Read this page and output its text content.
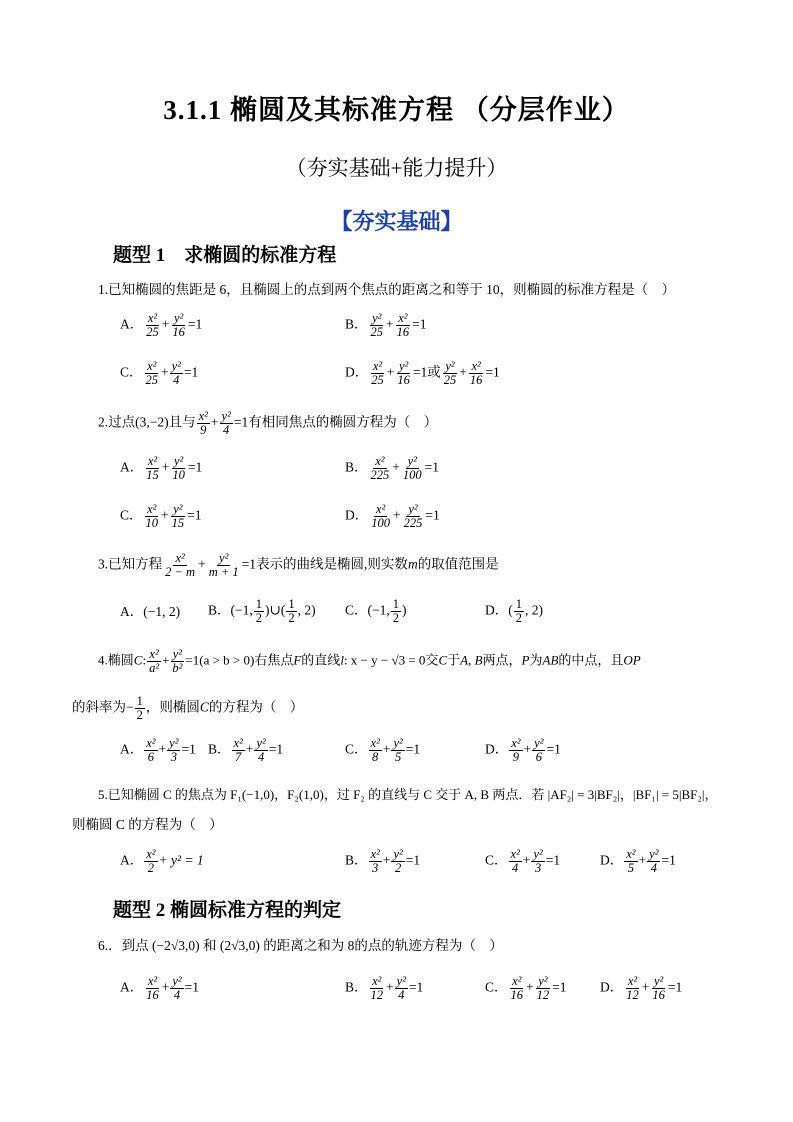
3.1.1 椭圆及其标准方程 （分层作业）
（夯实基础+能力提升）
【夯实基础】
题型 1　求椭圆的标准方程
1.已知椭圆的焦距是 6，且椭圆上的点到两个焦点的距离之和等于 10，则椭圆的标准方程是（　）
A． $\frac{\text{x²}}{25} + \frac{\text{y²}}{16} =1$	B． $\frac{\text{y²}}{25} + \frac{\text{x²}}{16} =1$
C． $\frac{\text{x²}}{25} + \frac{\text{y²}}{4} =1$	D． $\frac{\text{x²}}{25} + \frac{\text{y²}}{16} =1$或 $\frac{\text{y²}}{25} + \frac{\text{x²}}{16} =1$
2.过点(3,−2)且与 $\frac{\text{x²}}{9} + \frac{\text{y²}}{4} =1$有相同焦点的椭圆方程为（　）
A． $\frac{\text{x²}}{15} + \frac{\text{y²}}{10} =1$	B． $\frac{\text{x²}}{225} + \frac{\text{y²}}{100} =1$
C． $\frac{\text{x²}}{10} + \frac{\text{y²}}{15} =1$	D． $\frac{\text{x²}}{100} + \frac{\text{y²}}{225} =1$
3.已知方程 $\frac{\text{x²}}{2 - m} + \frac{\text{y²}}{m + 1} =1$表示的曲线是椭圆,则实数m的取值范围是
A．(−1, 2) B．(−1, $\frac{1}{2}$ )∪( $\frac{1}{2}$ , 2) C．(−1, $\frac{1}{2}$ )	D．( $\frac{1}{2}$ , 2)
4.椭圆C: $\frac{\text{x²}}{\text{a²}} + \frac{\text{y²}}{\text{b²}} =1(a > b > 0)$右焦点F的直线l: x − y − √3 = 0交C于A, B两点，P为AB的中点，且OP
的斜率为− $\frac{1}{2}$ ，则椭圆C的方程为（　）
A． $\frac{\text{x²}}{6} + \frac{\text{y²}}{3} =1$ B． $\frac{\text{x²}}{7} + \frac{\text{y²}}{4} =1$	C． $\frac{\text{x²}}{8} + \frac{\text{y²}}{5} =1$	D． $\frac{\text{x²}}{9} + \frac{\text{y²}}{6} =1$
5.已知椭圆 C 的焦点为 F₁(−1,0)，F₂(1,0)，过 F₂ 的直线与 C 交于 A, B 两点．若 |AF₂| = 3|BF₂|，|BF₁| = 5|BF₂|，
则椭圆 C 的方程为（　）
A． $\frac{\text{x²}}{2} + y^2 = 1$	B． $\frac{\text{x²}}{3} + \frac{\text{y²}}{2} =1$	C． $\frac{\text{x²}}{4} + \frac{\text{y²}}{3} =1$	D． $\frac{\text{x²}}{5} + \frac{\text{y²}}{4} =1$
题型 2 椭圆标准方程的判定
6.．到点 (−2√3,0) 和 (2√3,0) 的距离之和为 8的点的轨迹方程为（　）
A． $\frac{\text{x²}}{16} + \frac{\text{y²}}{4} =1$	B． $\frac{\text{x²}}{12} + \frac{\text{y²}}{4} =1$	C． $\frac{\text{x²}}{16} + \frac{\text{y²}}{12} =1$ D． $\frac{\text{x²}}{12} + \frac{\text{y²}}{16} =1$
